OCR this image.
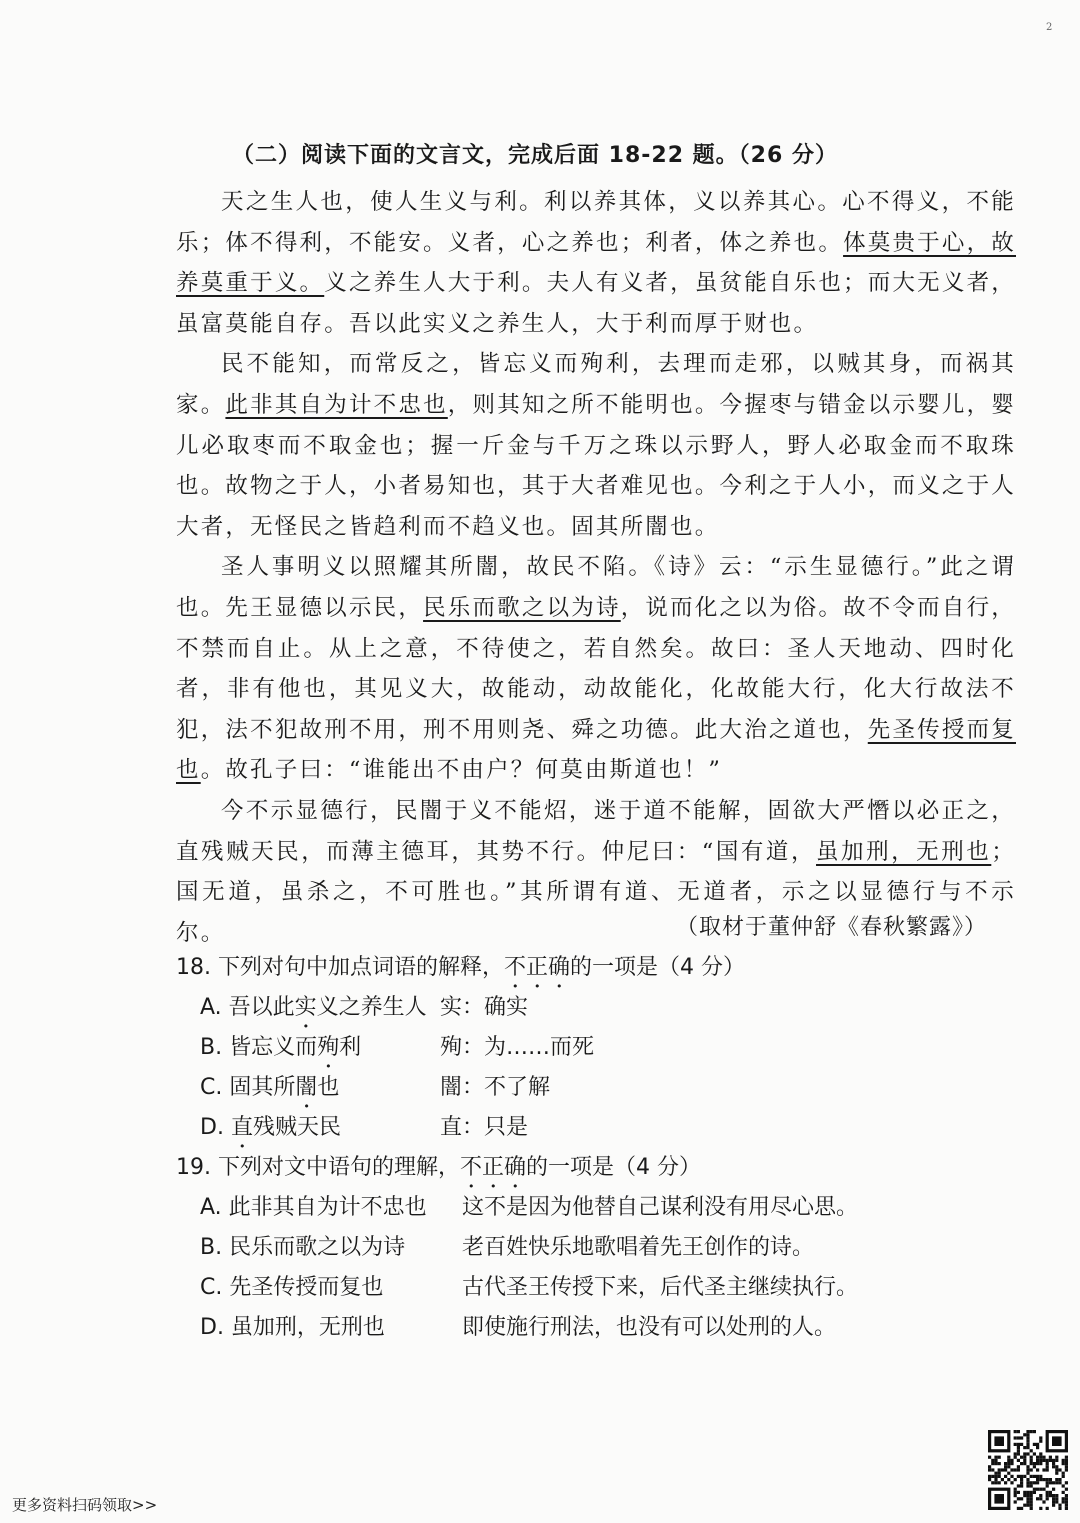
2
（二）阅读下面的文言文，完成后面 18-22 题。（26 分）

天之生人也，使人生义与利。利以养其体，义以养其心。心不得义，不能乐；体不得利，不能安。义者，心之养也；利者，体之养也。体莫贵于心，故养莫重于义。义之养生人大于利。夫人有义者，虽贫能自乐也；而大无义者，虽富莫能自存。吾以此实义之养生人，大于利而厚于财也。

民不能知，而常反之，皆忘义而殉利，去理而走邪，以贼其身，而祸其家。此非其自为计不忠也，则其知之所不能明也。今握枣与错金以示婴儿，婴儿必取枣而不取金也；握一斤金与千万之珠以示野人，野人必取金而不取珠也。故物之于人，小者易知也，其于大者难见也。今利之于人小，而义之于人大者，无怪民之皆趋利而不趋义也。固其所闇也。

圣人事明义以照耀其所闇，故民不陷。《诗》云：“示生显德行。”此之谓也。先王显德以示民，民乐而歌之以为诗，说而化之以为俗。故不令而自行，不禁而自止。从上之意，不待使之，若自然矣。故曰：圣人天地动、四时化者，非有他也，其见义大，故能动，动故能化，化故能大行，化大行故法不犯，法不犯故刑不用，刑不用则尧、舜之功德。此大治之道也，先圣传授而复也。故孔子曰：“谁能出不由户？何莫由斯道也！”

今不示显德行，民闇于义不能炤，迷于道不能解，固欲大严憯以必正之，直残贼天民，而薄主德耳，其势不行。仲尼曰：“国有道，虽加刑，无刑也；国无道，虽杀之，不可胜也。”其所谓有道、无道者，示之以显德行与不示尔。	（取材于董仲舒《春秋繁露》）
18. 下列对句中加点词语的解释，不正确的一项是（4 分）
A. 吾以此实义之养生人 实：确实
B. 皆忘义而殉利	殉：为……而死
C. 固其所闇也	闇：不了解
D. 直残贼天民	直：只是
19. 下列对文中语句的理解，不正确的一项是（4 分）
A. 此非其自为计不忠也 这不是因为他替自己谋利没有用尽心思。
B. 民乐而歌之以为诗	老百姓快乐地歌唱着先王创作的诗。
C. 先圣传授而复也	古代圣王传授下来，后代圣主继续执行。
D. 虽加刑，无刑也	即使施行刑法，也没有可以处刑的人。
更多资料扫码领取>>
